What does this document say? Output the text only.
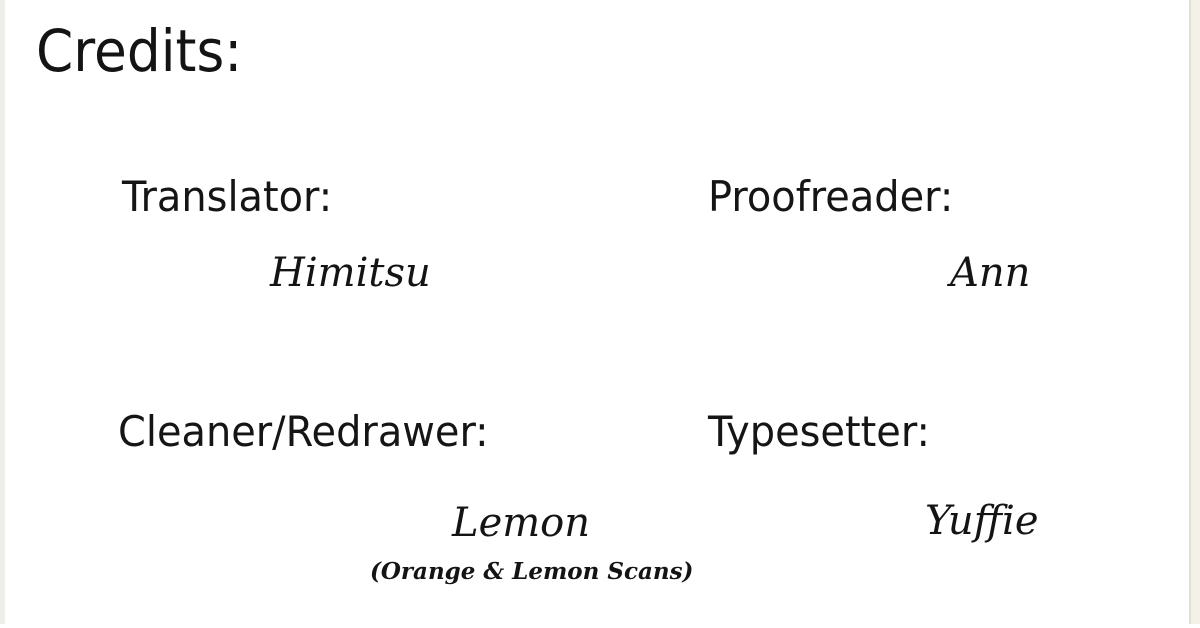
Credits:
Translator:
Himitsu
Proofreader:
Ann
Cleaner/Redrawer:
Lemon
(Orange & Lemon Scans)
Typesetter:
Yuffie
